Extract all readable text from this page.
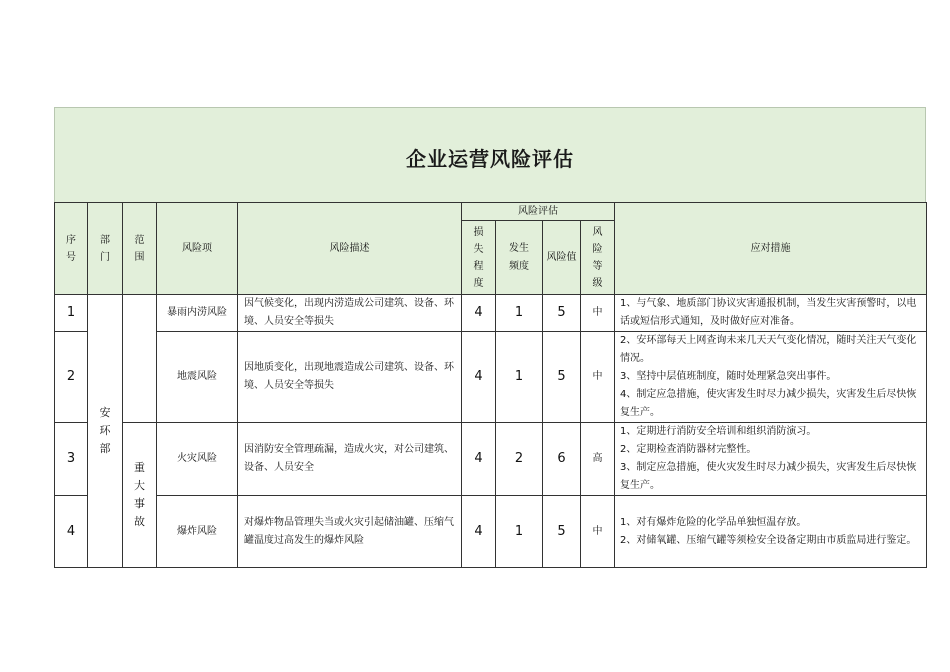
企业运营风险评估
序号	部门	范围	风险项	风险描述	风险评估				应对措施
					损失程度	发生频度	风险值	风险等级	
1	安环部		暴雨内涝风险	因气候变化，出现内涝造成公司建筑、设备、环境、人员安全等损失	4	1	5	中	1、与气象、地质部门协议灾害通报机制，当发生灾害预警时，以电话或短信形式通知，及时做好应对准备。

2			地震风险	因地质变化，出现地震造成公司建筑、设备、环境、人员安全等损失	4	1	5	中	2、安环部每天上网查询未来几天天气变化情况，随时关注天气变化情况。
3、坚持中层值班制度，随时处理紧急突出事件。
4、制定应急措施，使灾害发生时尽力减少损失，灾害发生后尽快恢复生产。

3		重大事故	火灾风险	因消防安全管理疏漏，造成火灾，对公司建筑、设备、人员安全	4	2	6	高	1、定期进行消防安全培训和组织消防演习。
2、定期检查消防器材完整性。
3、制定应急措施，使火灾发生时尽力减少损失，灾害发生后尽快恢复生产。

4			爆炸风险	对爆炸物品管理失当或火灾引起储油罐、压缩气罐温度过高发生的爆炸风险	4	1	5	中	1、对有爆炸危险的化学品单独恒温存放。
2、对储氧罐、压缩气罐等须检安全设备定期由市质监局进行鉴定。
